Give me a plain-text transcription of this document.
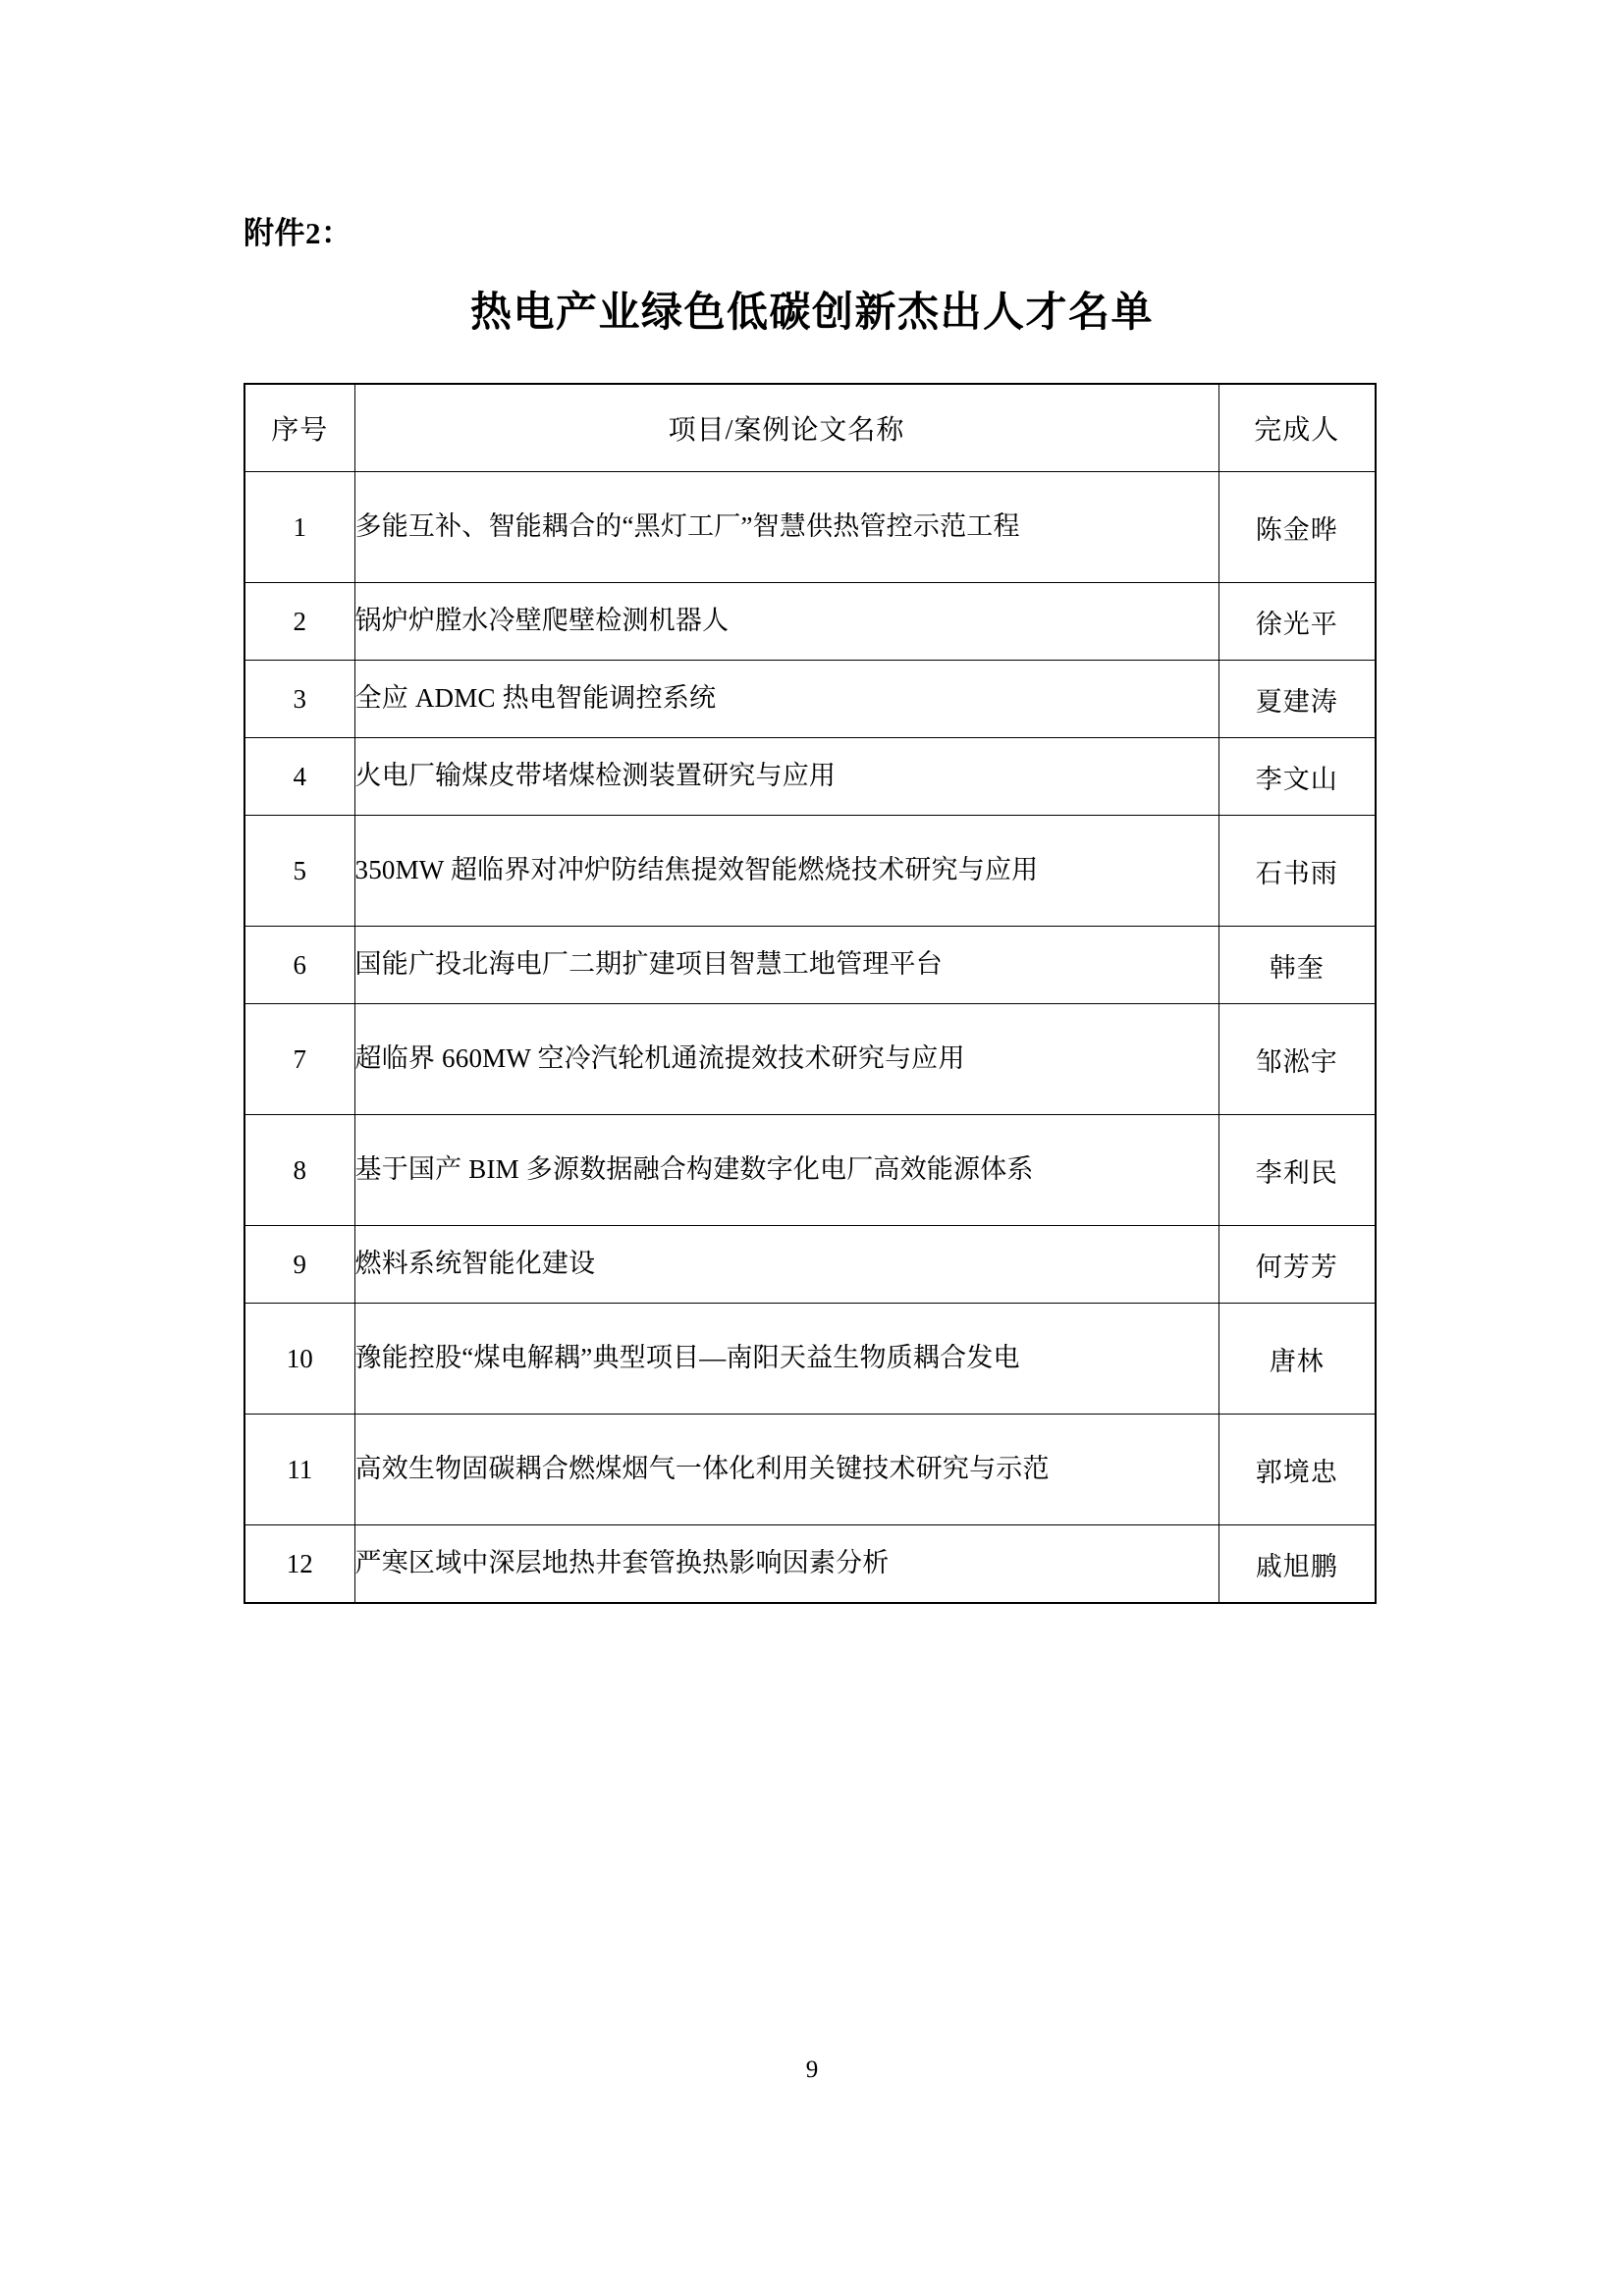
附件2：
热电产业绿色低碳创新杰出人才名单
序号	项目/案例论文名称	完成人
1	多能互补、智能耦合的“黑灯工厂”智慧供热管控示范工程	陈金晔
2	锅炉炉膛水冷壁爬壁检测机器人	徐光平
3	全应 ADMC 热电智能调控系统	夏建涛
4	火电厂输煤皮带堵煤检测装置研究与应用	李文山
5	350MW 超临界对冲炉防结焦提效智能燃烧技术研究与应用	石书雨
6	国能广投北海电厂二期扩建项目智慧工地管理平台	韩奎
7	超临界 660MW 空冷汽轮机通流提效技术研究与应用	邹淞宇
8	基于国产 BIM 多源数据融合构建数字化电厂高效能源体系	李利民
9	燃料系统智能化建设	何芳芳
10	豫能控股“煤电解耦”典型项目—南阳天益生物质耦合发电	唐林
11	高效生物固碳耦合燃煤烟气一体化利用关键技术研究与示范	郭境忠
12	严寒区域中深层地热井套管换热影响因素分析	戚旭鹏
9
